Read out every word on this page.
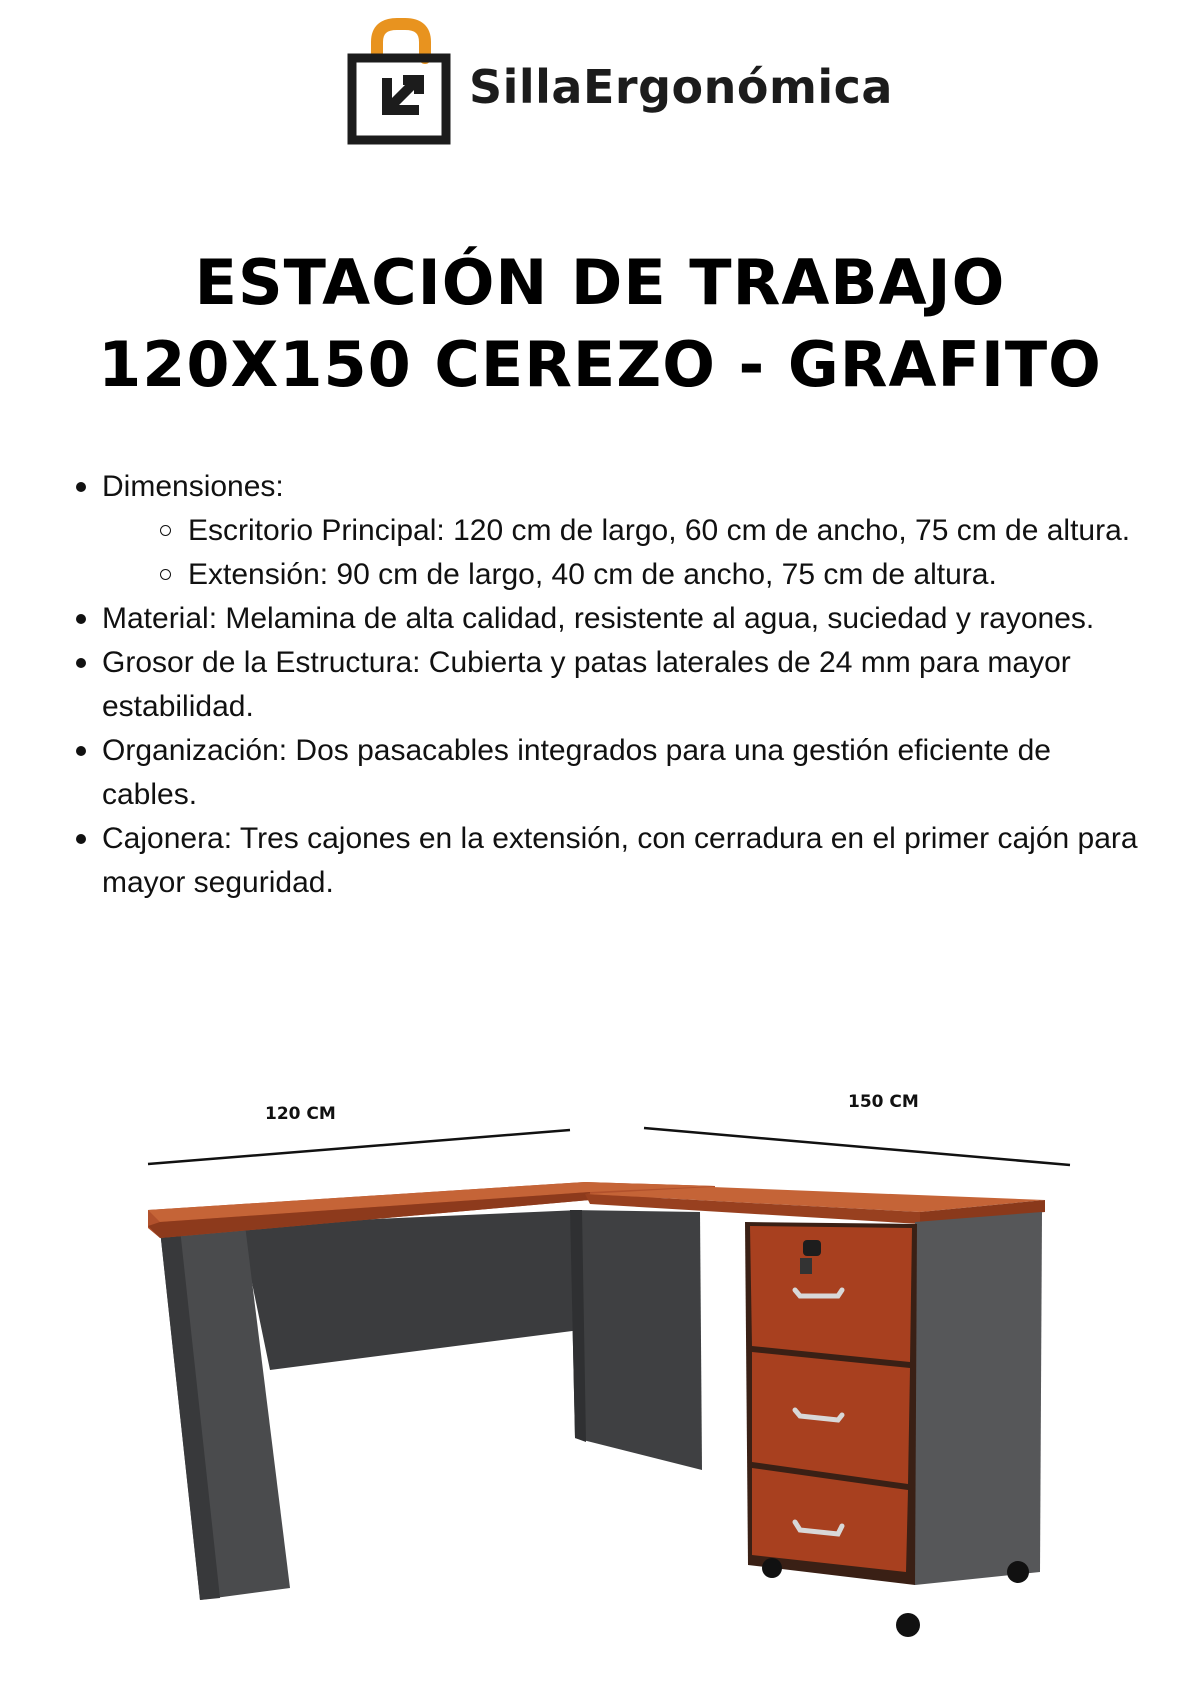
SillaErgonómica
ESTACIÓN DE TRABAJO
120X150 CEREZO - GRAFITO
Dimensiones:
Escritorio Principal: 120 cm de largo, 60 cm de ancho, 75 cm de altura.
Extensión: 90 cm de largo, 40 cm de ancho, 75 cm de altura.
Material: Melamina de alta calidad, resistente al agua, suciedad y rayones.
Grosor de la Estructura: Cubierta y patas laterales de 24 mm para mayor estabilidad.
Organización: Dos pasacables integrados para una gestión eficiente de cables.
Cajonera: Tres cajones en la extensión, con cerradura en el primer cajón para mayor seguridad.
120 CM
150 CM
